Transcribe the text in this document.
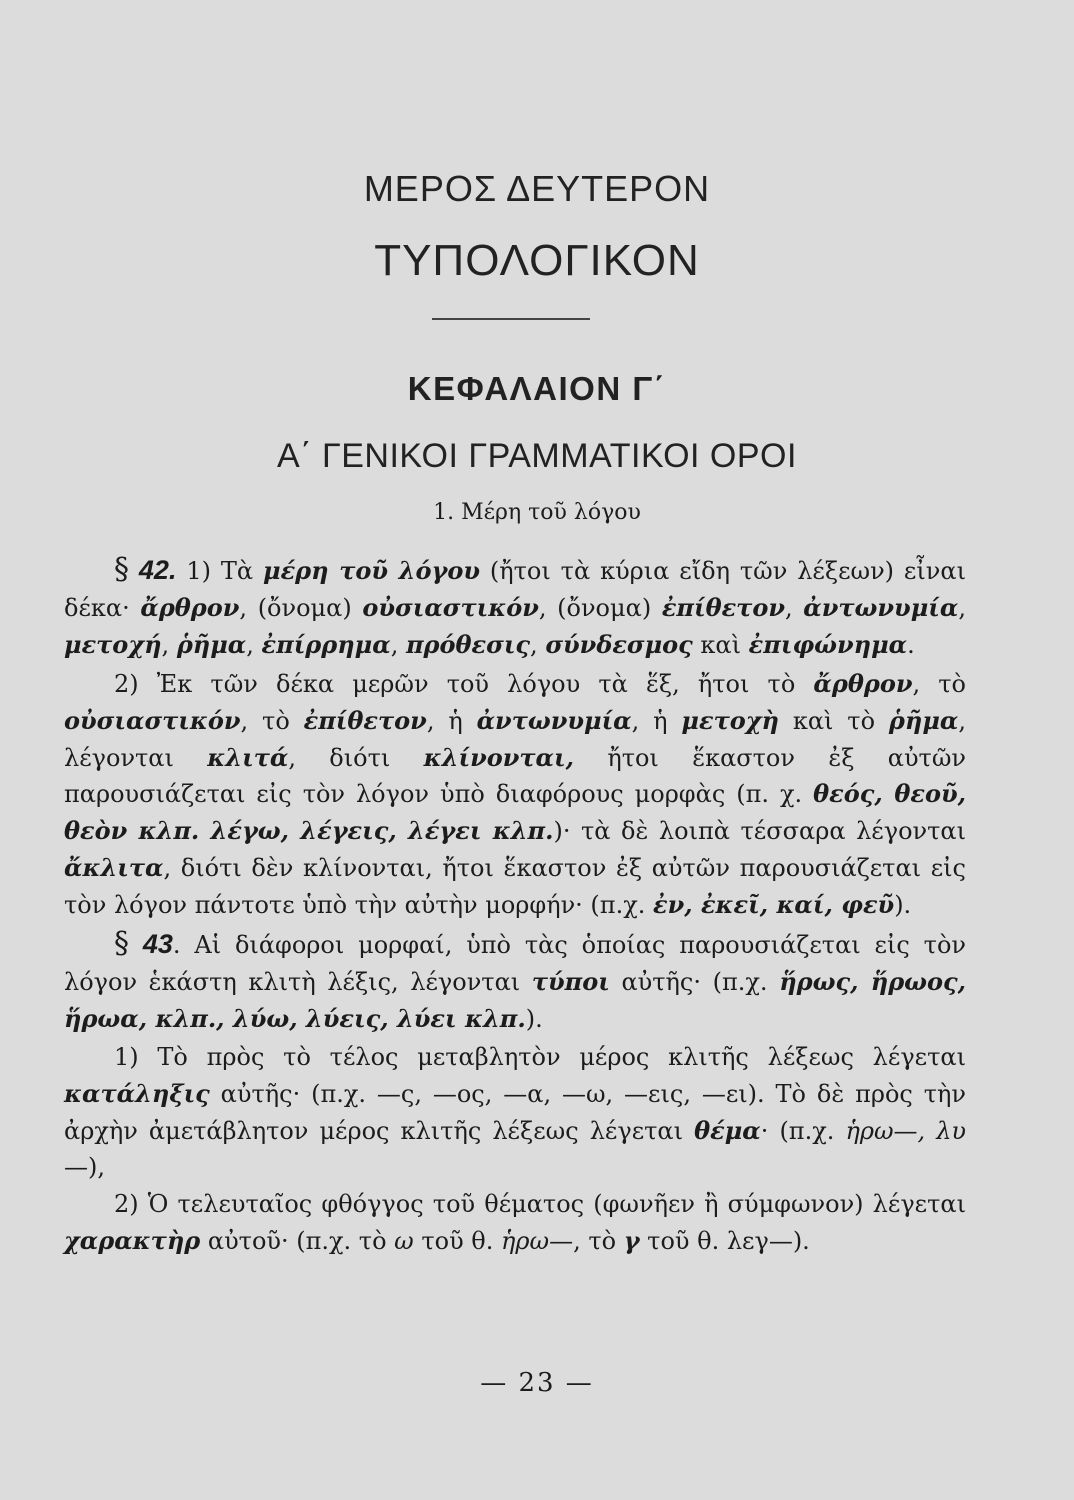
ΜΕΡΟΣ ΔΕΥΤΕΡΟΝ
ΤΥΠΟΛΟΓΙΚΟΝ
ΚΕΦΑΛΑΙΟΝ Γ΄
Α΄ ΓΕΝΙΚΟΙ ΓΡΑΜΜΑΤΙΚΟΙ ΟΡΟΙ
1. Μέρη τοῦ λόγου

§ 42. 1) Τὰ μέρη τοῦ λόγου (ἤτοι τὰ κύρια εἴδη τῶν λέξεων) εἶναι δέκα· ἄρθρον, (ὄνομα) οὐσιαστικόν, (ὄνομα) ἐπίθετον, ἀντωνυμία, μετοχή, ῥῆμα, ἐπίρρημα, πρόθεσις, σύνδεσμος καὶ ἐπιφώνημα.

2) Ἐκ τῶν δέκα μερῶν τοῦ λόγου τὰ ἕξ, ἤτοι τὸ ἄρθρον, τὸ οὐσιαστικόν, τὸ ἐπίθετον, ἡ ἀντωνυμία, ἡ μετοχὴ καὶ τὸ ῥῆμα, λέγονται κλιτά, διότι κλίνονται, ἤτοι ἕκαστον ἐξ αὐτῶν παρουσιάζεται εἰς τὸν λόγον ὑπὸ διαφόρους μορφὰς (π. χ. θεός, θεοῦ, θεὸν κλπ. λέγω, λέγεις, λέγει κλπ.)· τὰ δὲ λοιπὰ τέσσαρα λέγονται ἄκλιτα, διότι δὲν κλίνονται, ἤτοι ἕκαστον ἐξ αὐτῶν παρουσιάζεται εἰς τὸν λόγον πάντοτε ὑπὸ τὴν αὐτὴν μορφήν· (π.χ. ἐν, ἐκεῖ, καί, φεῦ).

§ 43. Αἱ διάφοροι μορφαί, ὑπὸ τὰς ὁποίας παρουσιάζεται εἰς τὸν λόγον ἑκάστη κλιτὴ λέξις, λέγονται τύποι αὐτῆς· (π.χ. ἥρως, ἥρωος, ἥρωα, κλπ., λύω, λύεις, λύει κλπ.).

1) Τὸ πρὸς τὸ τέλος μεταβλητὸν μέρος κλιτῆς λέξεως λέγεται κατάληξις αὐτῆς· (π.χ. —ς, —ος, —α, —ω, —εις, —ει). Τὸ δὲ πρὸς τὴν ἀρχὴν ἀμετάβλητον μέρος κλιτῆς λέξεως λέγεται θέμα· (π.χ. ἡρω—, λυ—),

2) Ὁ τελευταῖος φθόγγος τοῦ θέματος (φωνῆεν ἢ σύμφωνον) λέγεται χαρακτὴρ αὐτοῦ· (π.χ. τὸ ω τοῦ θ. ἡρω—, τὸ γ τοῦ θ. λεγ—).

— 23 —
